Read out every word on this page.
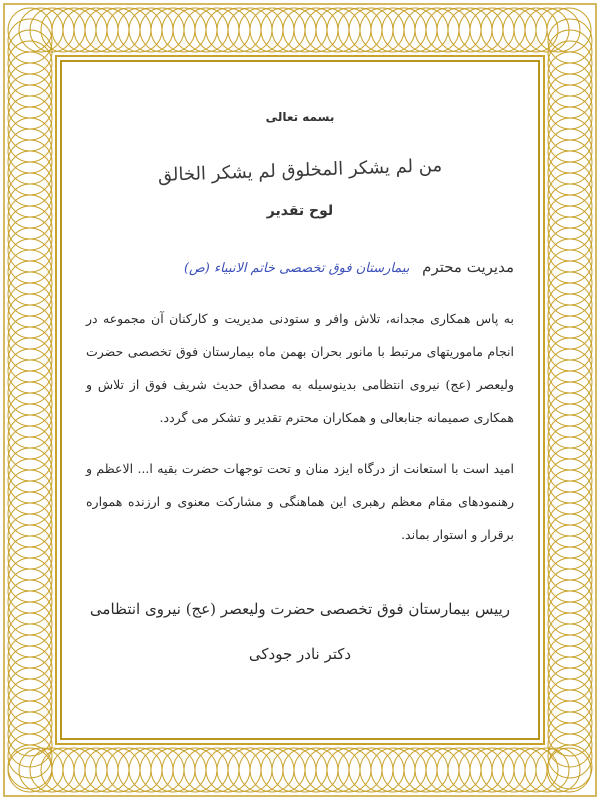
بسمه تعالی
من لم یشکر المخلوق لم یشکر الخالق
لوح تقدیر
مدیریت محترم بیمارستان فوق تخصصی خاتم الانبیاء (ص)
به پاس همکاری مجدانه، تلاش وافر و ستودنی مدیریت و کارکنان آن مجموعه در انجام ماموریتهای مرتبط با مانور بحران بهمن ماه بیمارستان فوق تخصصی حضرت ولیعصر (عج) نیروی انتظامی بدینوسیله به مصداق حدیث شریف فوق از تلاش و همکاری صمیمانه جنابعالی و همکاران محترم تقدیر و تشکر می گردد.
امید است با استعانت از درگاه ایزد منان و تحت توجهات حضرت بقیه ا... الاعظم و رهنمودهای مقام معظم رهبری این هماهنگی و مشارکت معنوی و ارزنده همواره برقرار و استوار بماند.
رییس بیمارستان فوق تخصصی حضرت ولیعصر (عج) نیروی انتظامی
دکتر نادر جودکی
